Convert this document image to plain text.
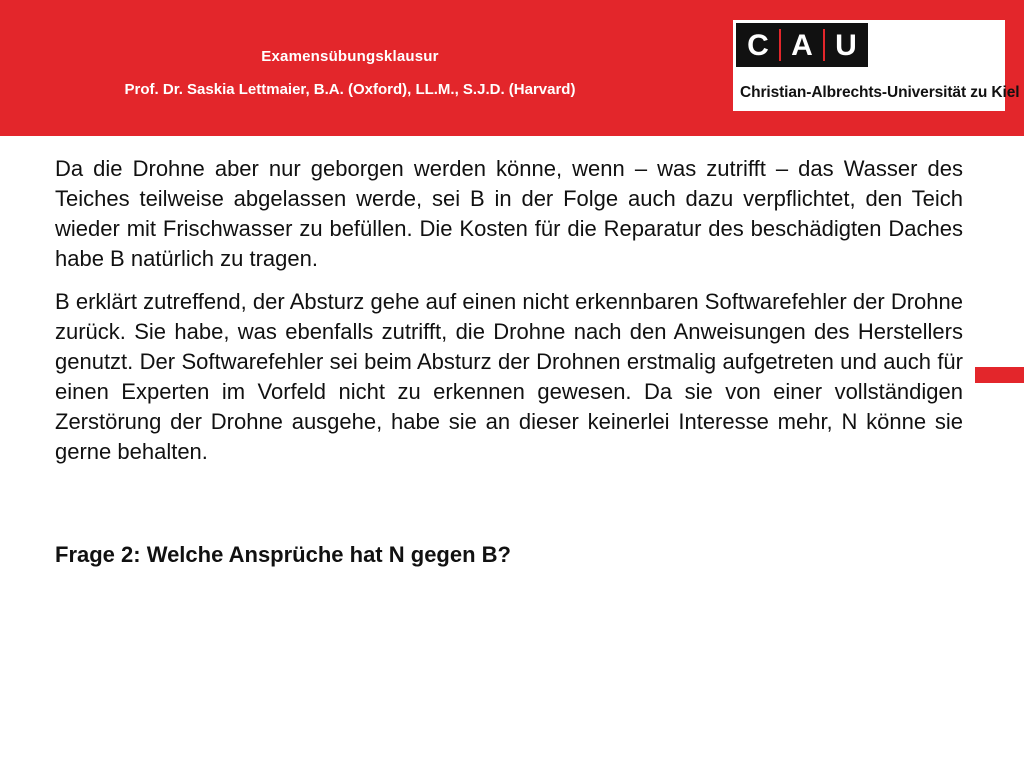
Examensübungsklausur
Prof. Dr. Saskia Lettmaier, B.A. (Oxford), LL.M., S.J.D. (Harvard)
C A U
Christian-Albrechts-Universität zu Kiel

Da die Drohne aber nur geborgen werden könne, wenn – was zutrifft – das Wasser des Teiches teilweise abgelassen werde, sei B in der Folge auch dazu verpflichtet, den Teich wieder mit Frischwasser zu befüllen. Die Kosten für die Reparatur des beschädigten Daches habe B natürlich zu tragen.

B erklärt zutreffend, der Absturz gehe auf einen nicht erkennbaren Softwarefehler der Drohne zurück. Sie habe, was ebenfalls zutrifft, die Drohne nach den Anweisungen des Herstellers genutzt. Der Softwarefehler sei beim Absturz der Drohnen erstmalig aufgetreten und auch für einen Experten im Vorfeld nicht zu erkennen gewesen. Da sie von einer vollständigen Zerstörung der Drohne ausgehe, habe sie an dieser keinerlei Interesse mehr, N könne sie gerne behalten.

Frage 2: Welche Ansprüche hat N gegen B?
